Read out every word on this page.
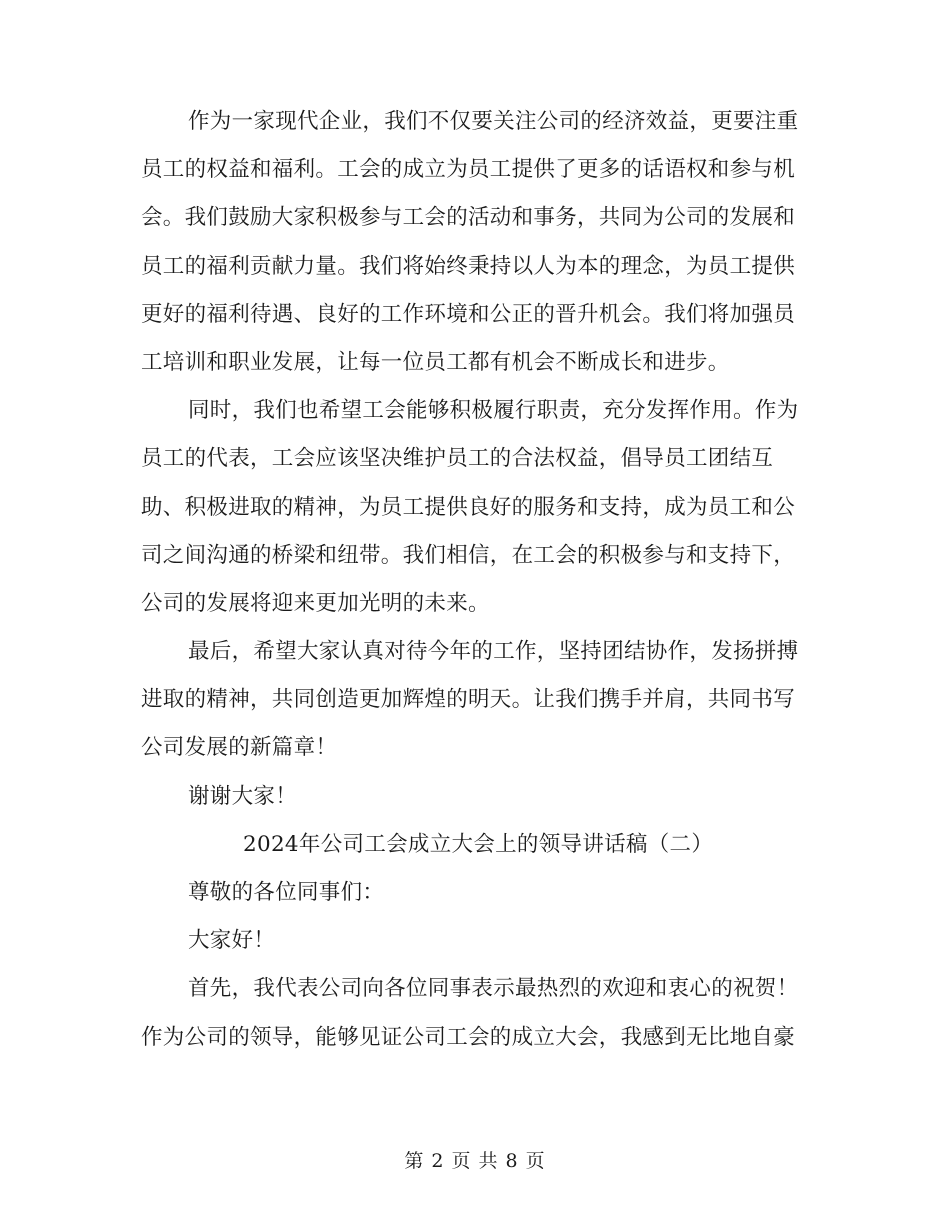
作为一家现代企业，我们不仅要关注公司的经济效益，更要注重
员工的权益和福利。工会的成立为员工提供了更多的话语权和参与机
会。我们鼓励大家积极参与工会的活动和事务，共同为公司的发展和
员工的福利贡献力量。我们将始终秉持以人为本的理念，为员工提供
更好的福利待遇、良好的工作环境和公正的晋升机会。我们将加强员
工培训和职业发展，让每一位员工都有机会不断成长和进步。
同时，我们也希望工会能够积极履行职责，充分发挥作用。作为
员工的代表，工会应该坚决维护员工的合法权益，倡导员工团结互
助、积极进取的精神，为员工提供良好的服务和支持，成为员工和公
司之间沟通的桥梁和纽带。我们相信，在工会的积极参与和支持下，
公司的发展将迎来更加光明的未来。
最后，希望大家认真对待今年的工作，坚持团结协作，发扬拼搏
进取的精神，共同创造更加辉煌的明天。让我们携手并肩，共同书写
公司发展的新篇章！
谢谢大家！
2024年公司工会成立大会上的领导讲话稿（二）
尊敬的各位同事们：
大家好！
首先，我代表公司向各位同事表示最热烈的欢迎和衷心的祝贺！
作为公司的领导，能够见证公司工会的成立大会，我感到无比地自豪
第 2 页 共 8 页
